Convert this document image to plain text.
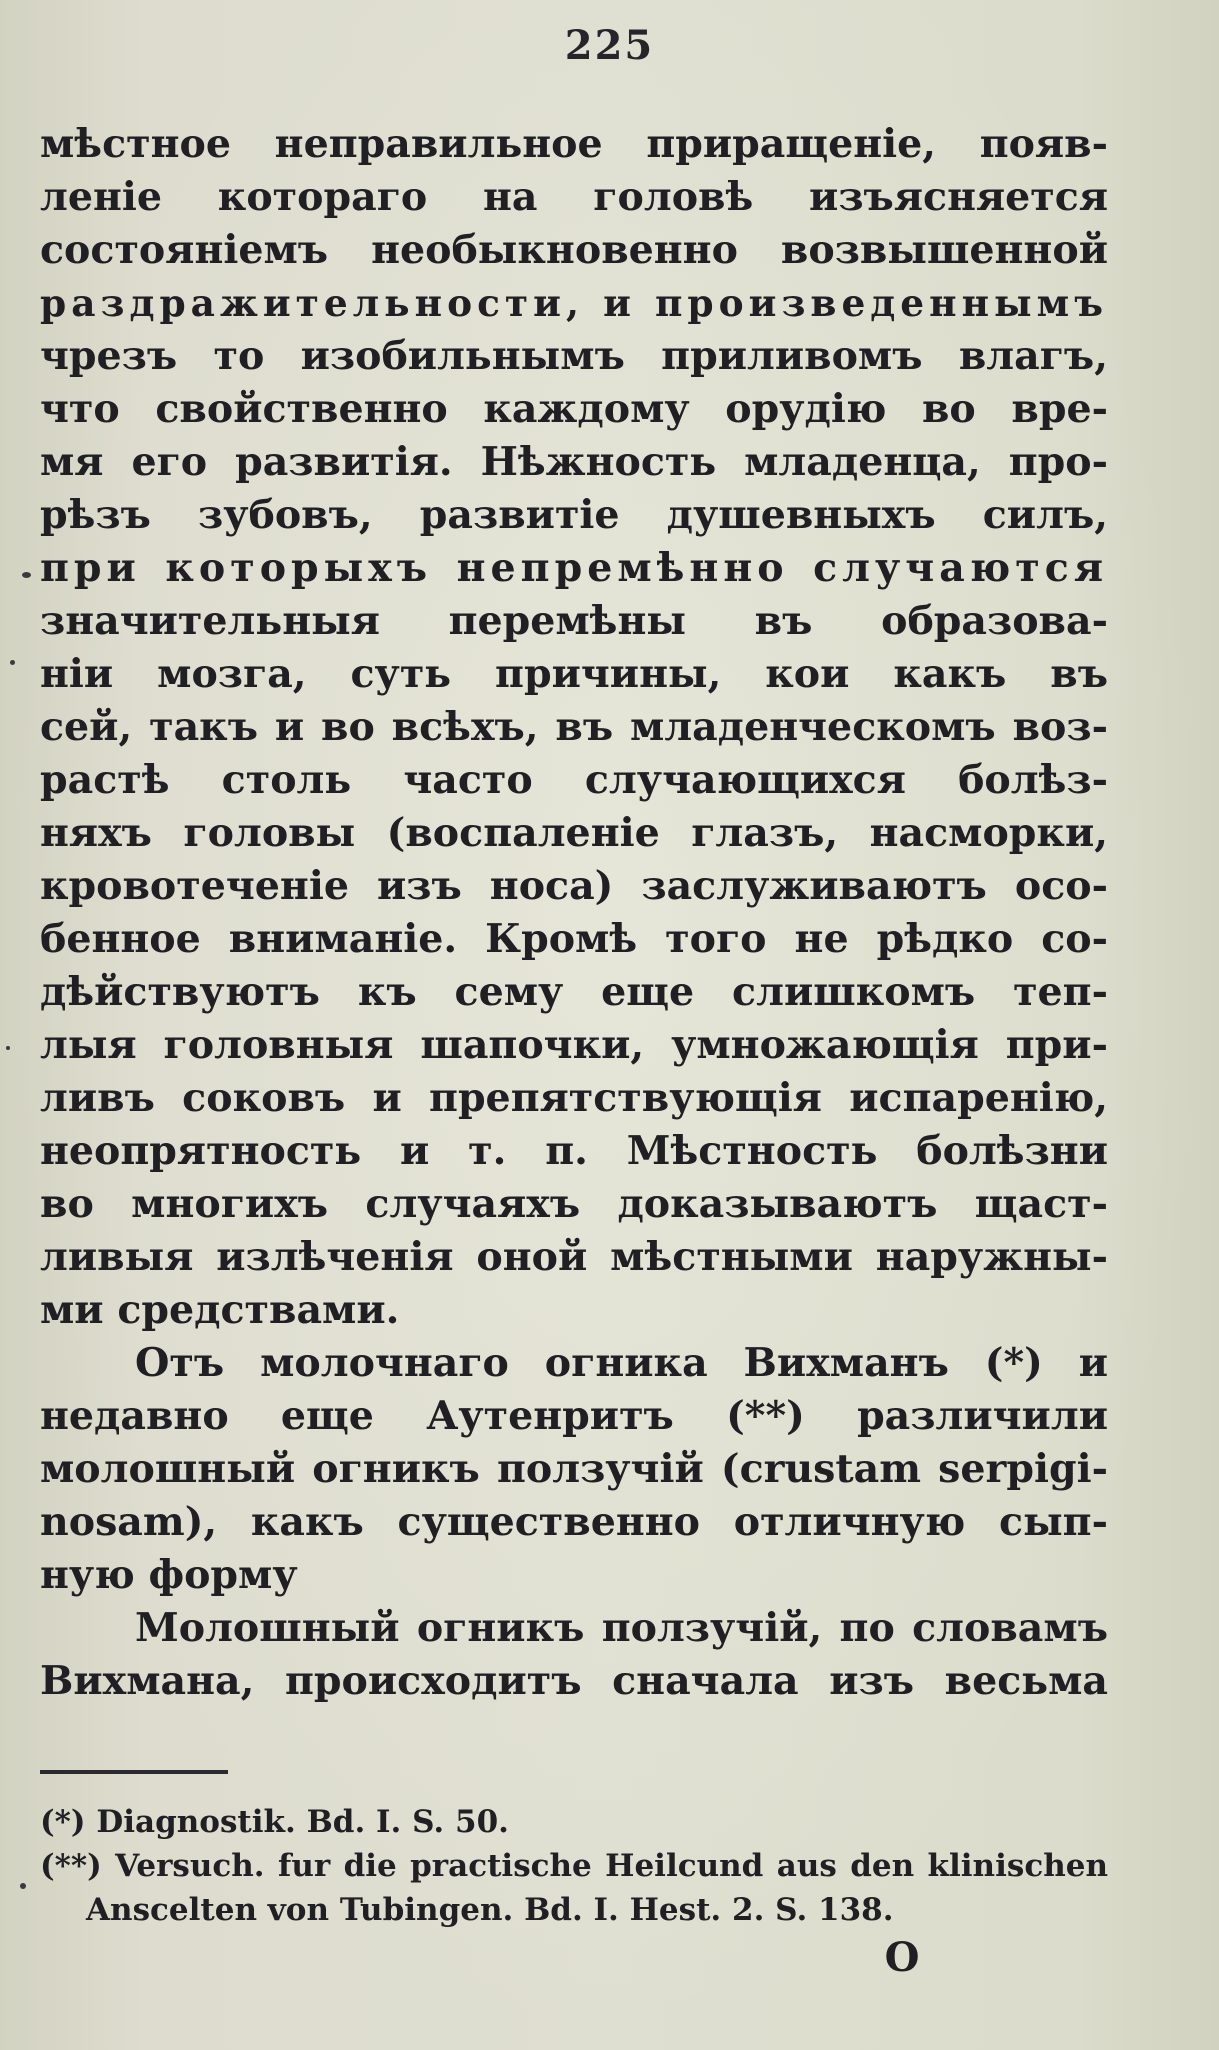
225
мѣстное неправильное приращеніе, появ-
леніе котораго на головѣ изъясняется
состояніемъ необыкновенно возвышенной
раздражительности, и произведеннымъ
чрезъ то изобильнымъ приливомъ влагъ,
что свойственно каждому орудію во вре-
мя его развитія. Нѣжность младенца, про-
рѣзъ зубовъ, развитіе душевныхъ силъ,
при которыхъ непремѣнно случаются
значительныя перемѣны въ образова-
ніи мозга, суть причины, кои какъ въ
сей, такъ и во всѣхъ, въ младенческомъ воз-
растѣ столь часто случающихся болѣз-
няхъ головы (воспаленіе глазъ, насморки,
кровотеченіе изъ носа) заслуживаютъ осо-
бенное вниманіе. Кромѣ того не рѣдко со-
дѣйствуютъ къ сему еще слишкомъ теп-
лыя головныя шапочки, умножающія при-
ливъ соковъ и препятствующія испаренію,
неопрятность и т. п. Мѣстность болѣзни
во многихъ случаяхъ доказываютъ щаст-
ливыя излѣченія оной мѣстными наружны-
ми средствами.
Отъ молочнаго огника Вихманъ (*) и
недавно еще Аутенритъ (**) различили
молошный огникъ ползучій (crustam serpigi-
nosam), какъ существенно отличную сып-
ную форму
Молошный огникъ ползучій, по словамъ
Вихмана, происходитъ сначала изъ весьма
(*) Diagnostik. Bd. I. S. 50.
(**) Versuch. fur die practische Heilcund aus den klinischen
Anscelten von Tubingen. Bd. I. Hest. 2. S. 138.
O
